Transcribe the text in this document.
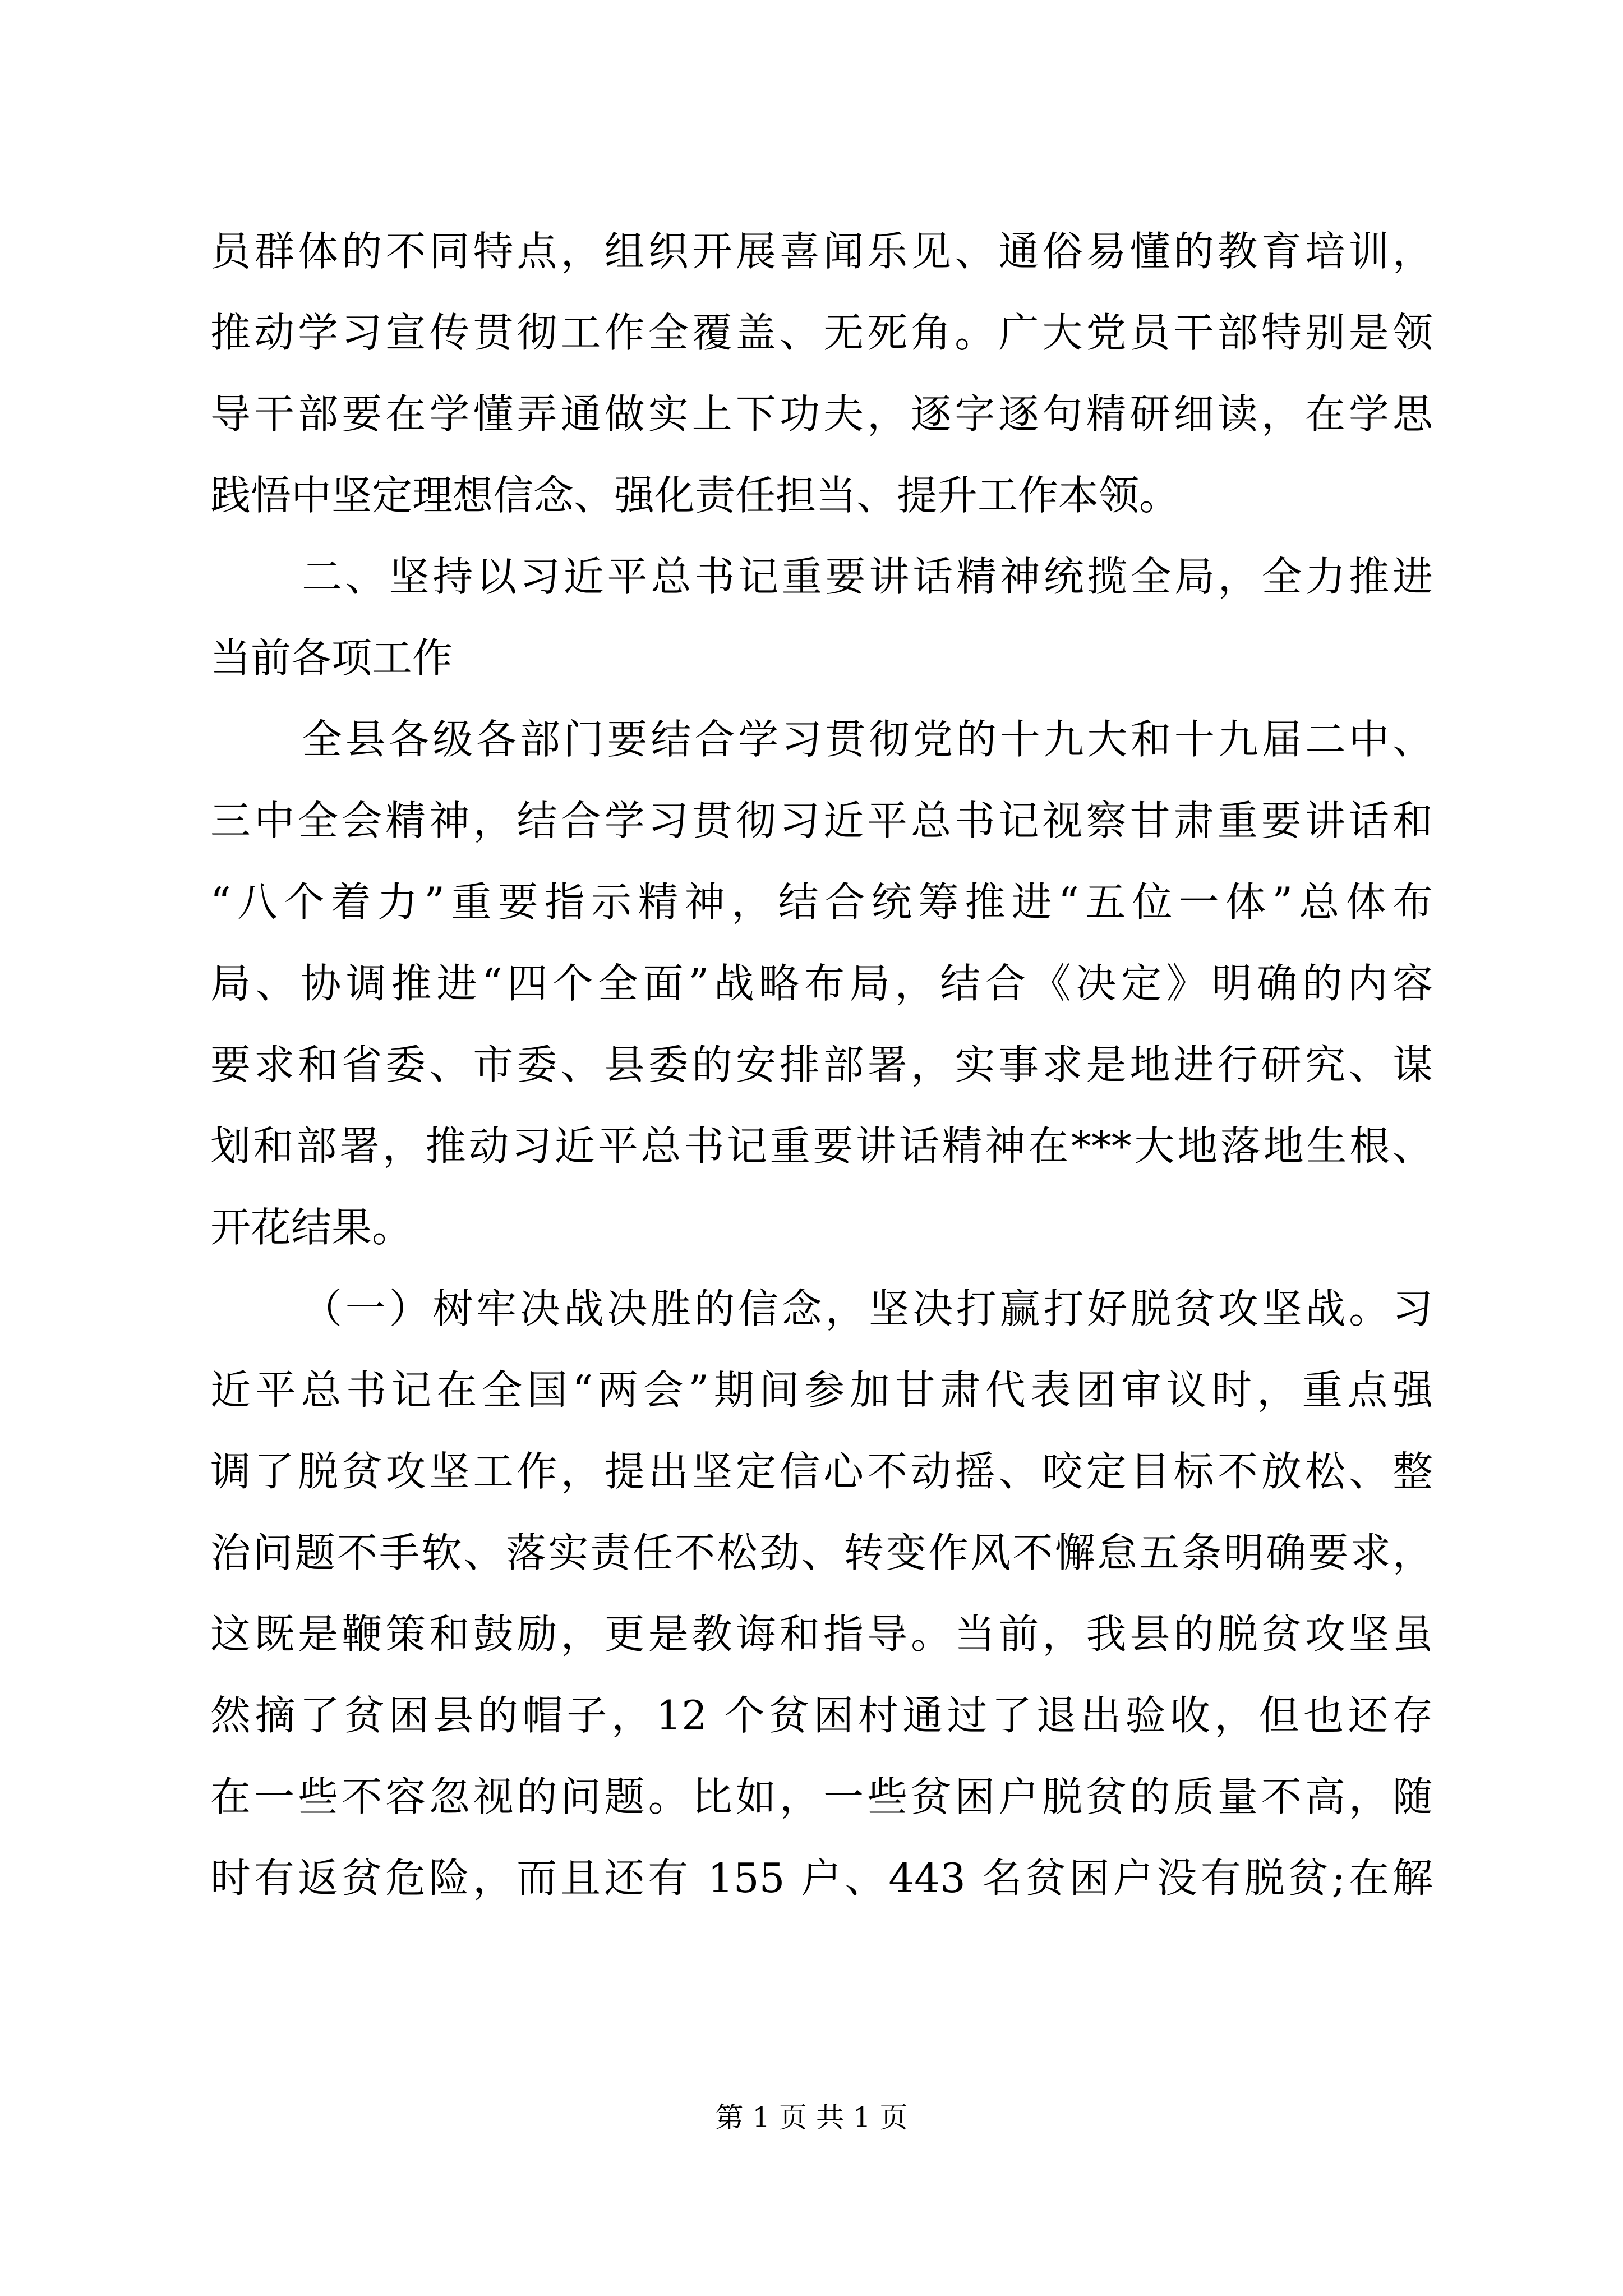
员群体的不同特点，组织开展喜闻乐见、通俗易懂的教育培训，
推动学习宣传贯彻工作全覆盖、无死角。广大党员干部特别是领
导干部要在学懂弄通做实上下功夫，逐字逐句精研细读，在学思
践悟中坚定理想信念、强化责任担当、提升工作本领。
二、坚持以习近平总书记重要讲话精神统揽全局，全力推进
当前各项工作
全县各级各部门要结合学习贯彻党的十九大和十九届二中、
三中全会精神，结合学习贯彻习近平总书记视察甘肃重要讲话和
“八个着力”重要指示精神，结合统筹推进“五位一体”总体布
局、协调推进“四个全面”战略布局，结合《决定》明确的内容
要求和省委、市委、县委的安排部署，实事求是地进行研究、谋
划和部署，推动习近平总书记重要讲话精神在***大地落地生根、
开花结果。
（一）树牢决战决胜的信念，坚决打赢打好脱贫攻坚战。习
近平总书记在全国“两会”期间参加甘肃代表团审议时，重点强
调了脱贫攻坚工作，提出坚定信心不动摇、咬定目标不放松、整
治问题不手软、落实责任不松劲、转变作风不懈怠五条明确要求，
这既是鞭策和鼓励，更是教诲和指导。当前，我县的脱贫攻坚虽
然摘了贫困县的帽子，12 个贫困村通过了退出验收，但也还存
在一些不容忽视的问题。比如，一些贫困户脱贫的质量不高，随
时有返贫危险，而且还有 155 户、443 名贫困户没有脱贫;在解
第 1 页 共 1 页
